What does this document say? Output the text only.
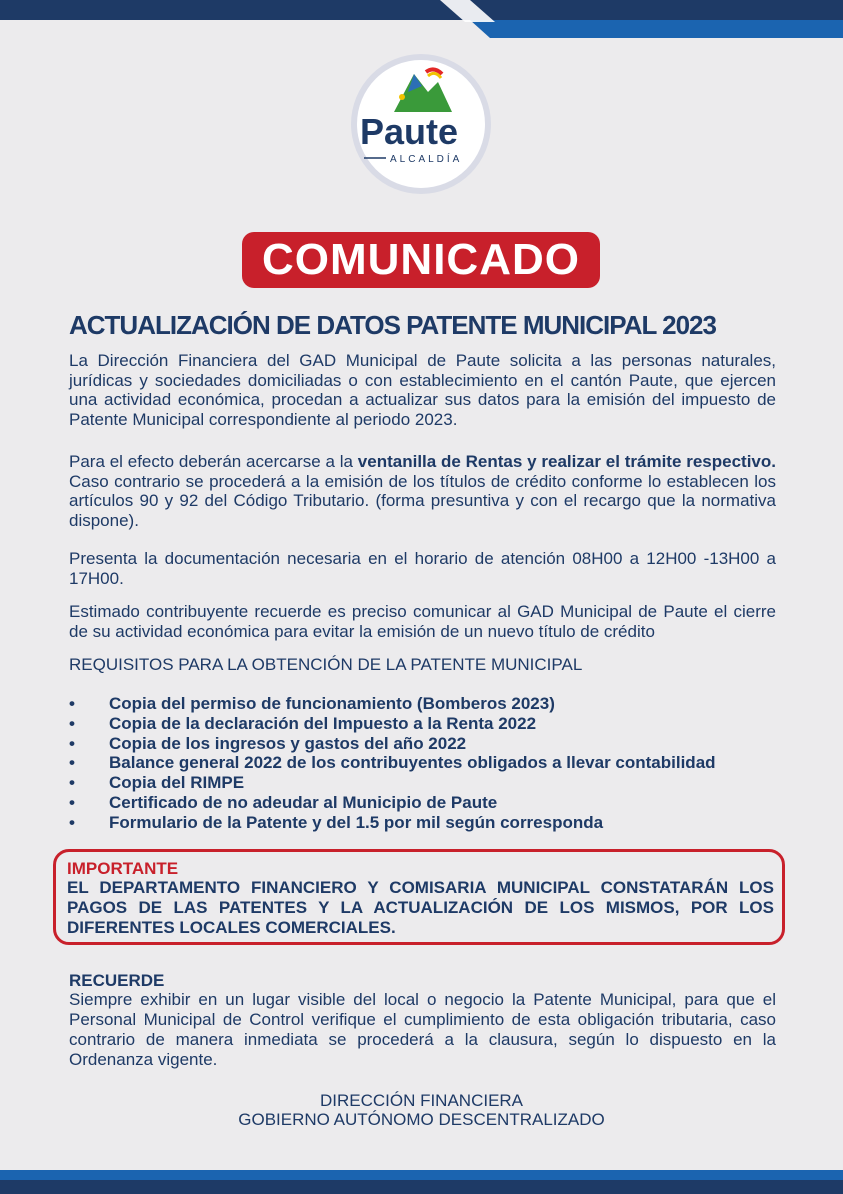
Paute
ALCALDÍA
COMUNICADO
ACTUALIZACIÓN DE DATOS PATENTE MUNICIPAL 2023
La Dirección Financiera del GAD Municipal de Paute solicita a las personas naturales, jurídicas y sociedades domiciliadas o con establecimiento en el cantón Paute, que ejercen una actividad económica, procedan a actualizar sus datos para la emisión del impuesto de Patente Municipal correspondiente al periodo 2023.
Para el efecto deberán acercarse a la ventanilla de Rentas y realizar el trámite respectivo. Caso contrario se procederá a la emisión de los títulos de crédito conforme lo establecen los artículos 90 y 92 del Código Tributario. (forma presuntiva y con el recargo que la normativa dispone).
Presenta la documentación necesaria en el horario de atención 08H00 a 12H00 -13H00 a 17H00.
Estimado contribuyente recuerde es preciso comunicar al GAD Municipal de Paute el cierre de su actividad económica para evitar la emisión de un nuevo título de crédito
REQUISITOS PARA LA OBTENCIÓN DE LA PATENTE MUNICIPAL
• Copia del permiso de funcionamiento (Bomberos 2023)
• Copia de la declaración del Impuesto a la Renta 2022
• Copia de los ingresos y gastos del año 2022
• Balance general 2022 de los contribuyentes obligados a llevar contabilidad
• Copia del RIMPE
• Certificado de no adeudar al Municipio de Paute
• Formulario de la Patente y del 1.5 por mil según corresponda
IMPORTANTE
EL DEPARTAMENTO FINANCIERO Y COMISARIA MUNICIPAL CONSTATARÁN LOS PAGOS DE LAS PATENTES Y LA ACTUALIZACIÓN DE LOS MISMOS, POR LOS DIFERENTES LOCALES COMERCIALES.
RECUERDE
Siempre exhibir en un lugar visible del local o negocio la Patente Municipal, para que el Personal Municipal de Control verifique el cumplimiento de esta obligación tributaria, caso contrario de manera inmediata se procederá a la clausura, según lo dispuesto en la Ordenanza vigente.
DIRECCIÓN FINANCIERA
GOBIERNO AUTÓNOMO DESCENTRALIZADO
